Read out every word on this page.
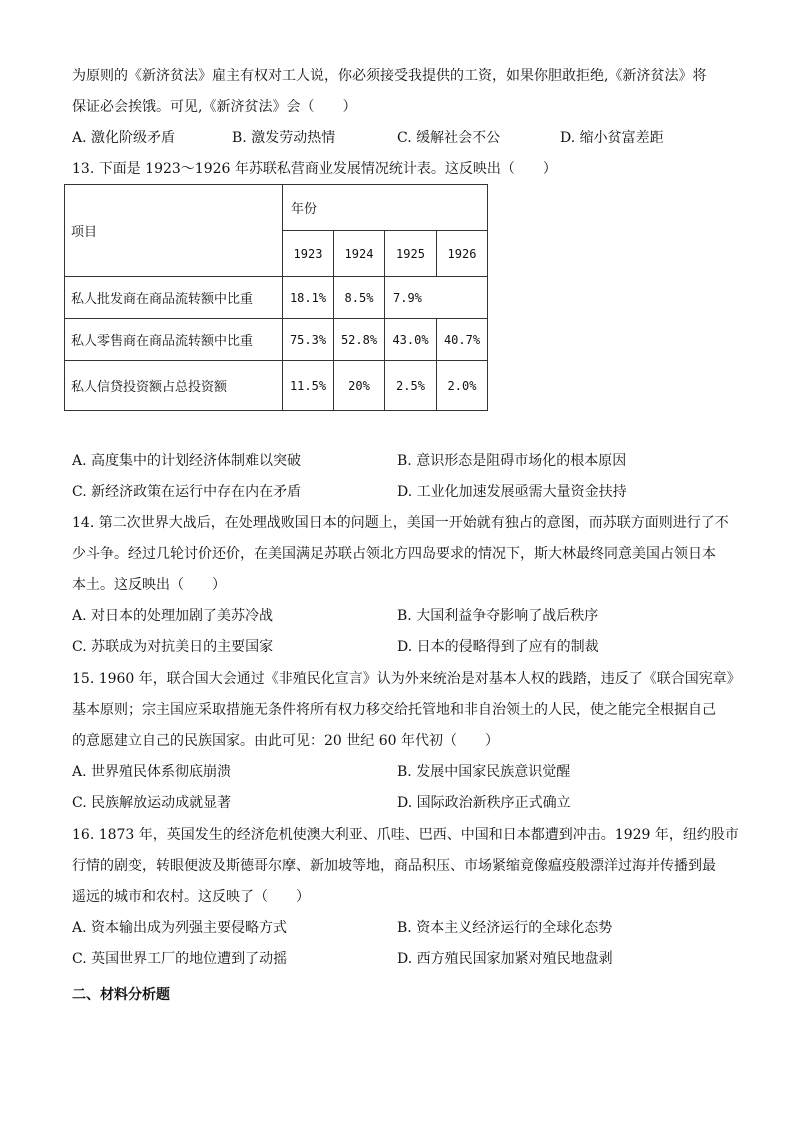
为原则的《新济贫法》雇主有权对工人说，你必须接受我提供的工资，如果你胆敢拒绝,《新济贫法》将
保证必会挨饿。可见,《新济贫法》会（　　）
A. 激化阶级矛盾	B. 激发劳动热情	C. 缓解社会不公	D. 缩小贫富差距
13. 下面是 1923～1926 年苏联私营商业发展情况统计表。这反映出（　　）
项目	年份			
	1923	1924	1925	1926
私人批发商在商品流转额中比重	18.1%	8.5%	7.9%	
私人零售商在商品流转额中比重	75.3%	52.8%	43.0%	40.7%
私人信贷投资额占总投资额	11.5%	20%	2.5%	2.0%
A. 高度集中的计划经济体制难以突破	B. 意识形态是阻碍市场化的根本原因
C. 新经济政策在运行中存在内在矛盾	D. 工业化加速发展亟需大量资金扶持
14. 第二次世界大战后，在处理战败国日本的问题上，美国一开始就有独占的意图，而苏联方面则进行了不
少斗争。经过几轮讨价还价，在美国满足苏联占领北方四岛要求的情况下，斯大林最终同意美国占领日本
本土。这反映出（　　）
A. 对日本的处理加剧了美苏冷战	B. 大国利益争夺影响了战后秩序
C. 苏联成为对抗美日的主要国家	D. 日本的侵略得到了应有的制裁
15. 1960 年，联合国大会通过《非殖民化宣言》认为外来统治是对基本人权的践踏，违反了《联合国宪章》
基本原则；宗主国应采取措施无条件将所有权力移交给托管地和非自治领土的人民，使之能完全根据自己
的意愿建立自己的民族国家。由此可见：20 世纪 60 年代初（　　）
A. 世界殖民体系彻底崩溃	B. 发展中国家民族意识觉醒
C. 民族解放运动成就显著	D. 国际政治新秩序正式确立
16. 1873 年，英国发生的经济危机使澳大利亚、爪哇、巴西、中国和日本都遭到冲击。1929 年，纽约股市
行情的剧变，转眼便波及斯德哥尔摩、新加坡等地，商品积压、市场紧缩竟像瘟疫般漂洋过海并传播到最
遥远的城市和农村。这反映了（　　）
A. 资本输出成为列强主要侵略方式	B. 资本主义经济运行的全球化态势
C. 英国世界工厂的地位遭到了动摇	D. 西方殖民国家加紧对殖民地盘剥
二、材料分析题
